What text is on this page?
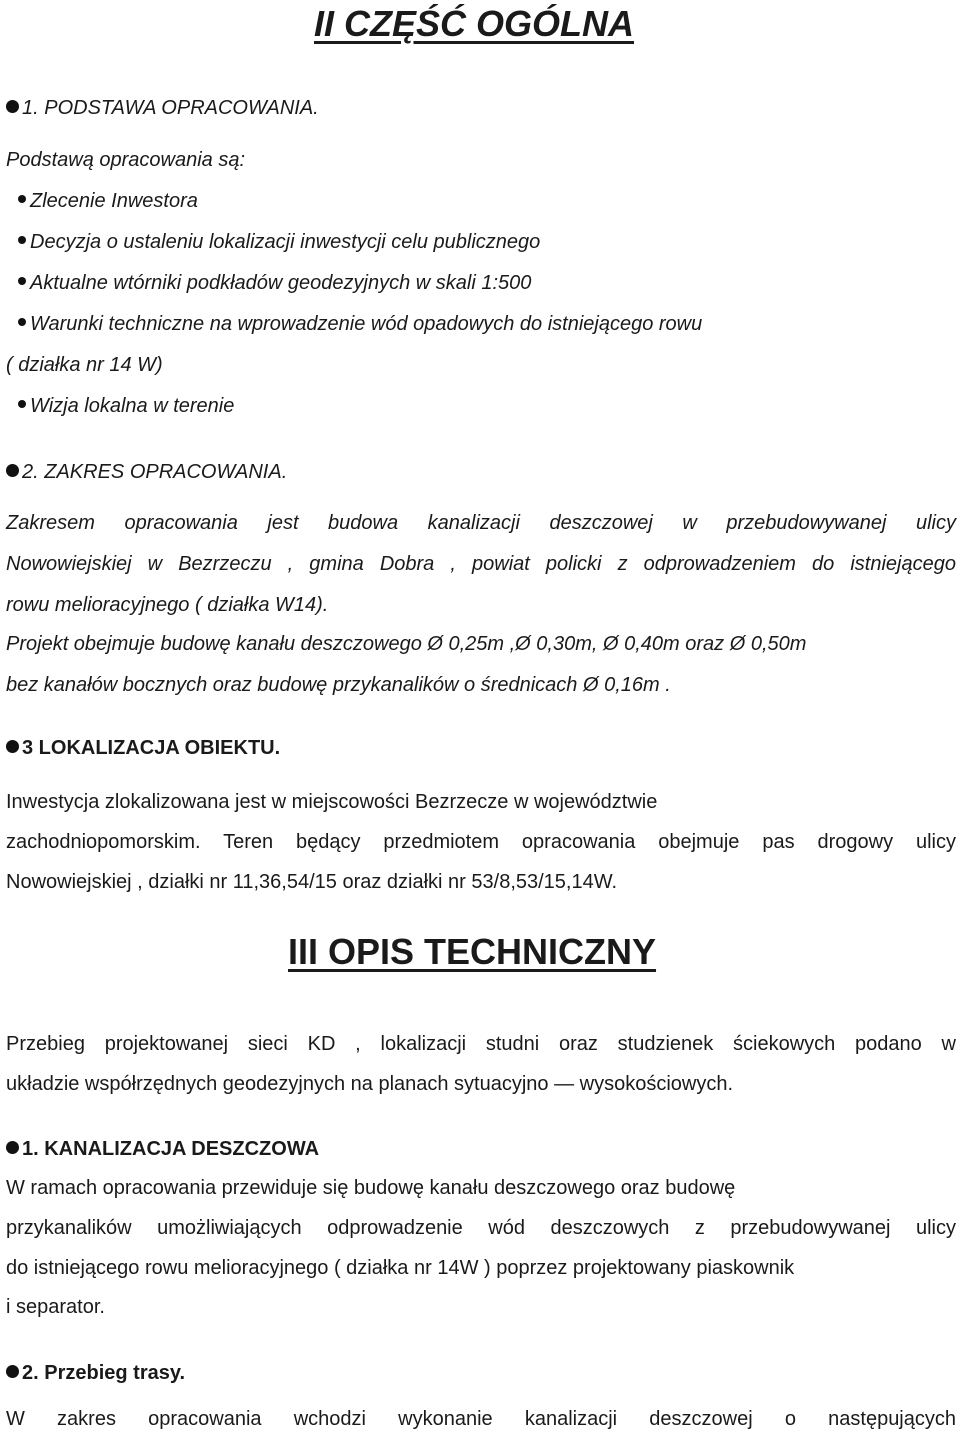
II CZĘŚĆ OGÓLNA
1. PODSTAWA OPRACOWANIA.
Podstawą opracowania są:
Zlecenie Inwestora
Decyzja o ustaleniu lokalizacji inwestycji celu publicznego
Aktualne wtórniki podkładów geodezyjnych w skali 1:500
Warunki techniczne na wprowadzenie wód opadowych do istniejącego rowu
( działka nr 14 W)
Wizja lokalna w terenie
2. ZAKRES OPRACOWANIA.
Zakresem opracowania jest budowa kanalizacji deszczowej w przebudowywanej ulicy
Nowowiejskiej w Bezrzeczu , gmina Dobra , powiat policki z odprowadzeniem do istniejącego
rowu melioracyjnego ( działka W14).
Projekt obejmuje budowę kanału deszczowego Ø 0,25m ,Ø 0,30m, Ø 0,40m oraz Ø 0,50m
bez kanałów bocznych oraz budowę przykanalików o średnicach Ø 0,16m .
3 LOKALIZACJA OBIEKTU.
Inwestycja zlokalizowana jest w miejscowości Bezrzecze w województwie
zachodniopomorskim. Teren będący przedmiotem opracowania obejmuje pas drogowy ulicy
Nowowiejskiej , działki nr 11,36,54/15 oraz działki nr 53/8,53/15,14W.
III OPIS TECHNICZNY
Przebieg projektowanej sieci KD , lokalizacji studni oraz studzienek ściekowych podano w
układzie współrzędnych geodezyjnych na planach sytuacyjno — wysokościowych.
1. KANALIZACJA DESZCZOWA
W ramach opracowania przewiduje się budowę kanału deszczowego oraz budowę
przykanalików umożliwiających odprowadzenie wód deszczowych z przebudowywanej ulicy
do istniejącego rowu melioracyjnego ( działka nr 14W ) poprzez projektowany piaskownik
i separator.
2. Przebieg trasy.
W zakres opracowania wchodzi wykonanie kanalizacji deszczowej o następujących
